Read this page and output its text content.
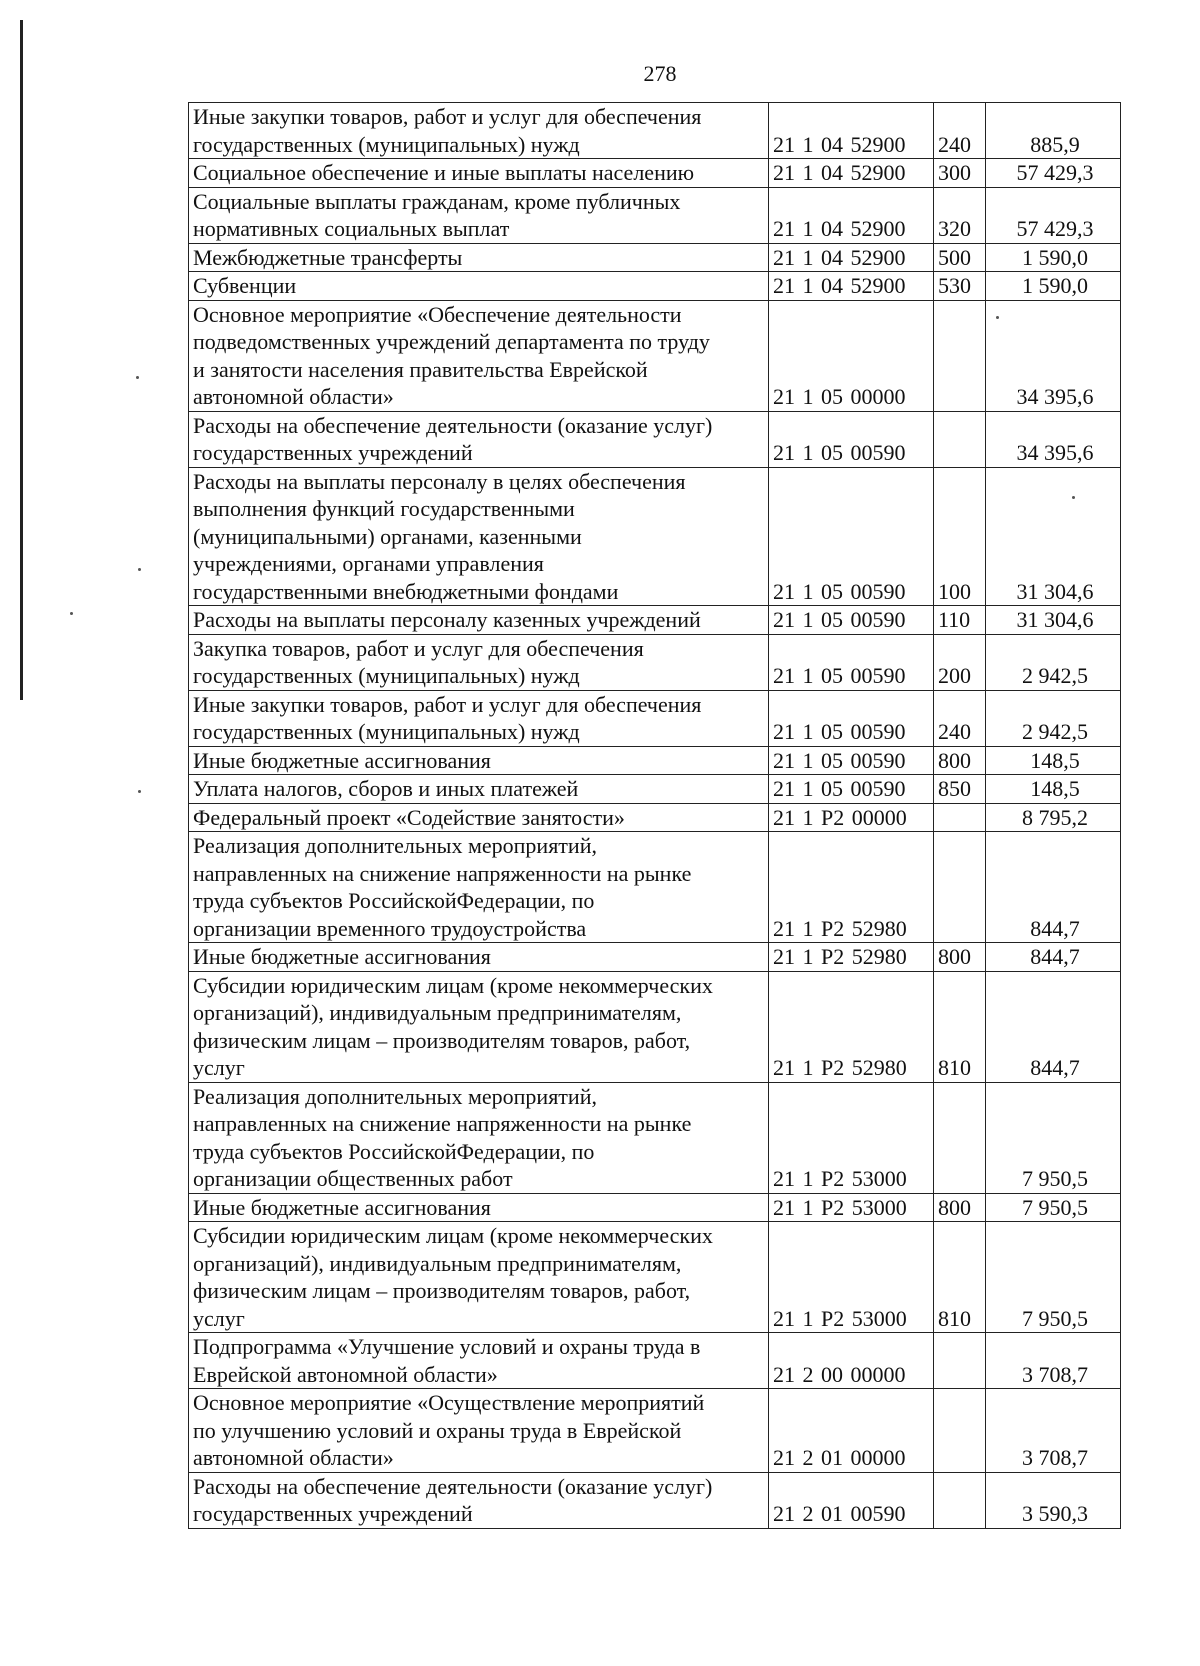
278
Иные закупки товаров, работ и услуг для обеспечения
государственных (муниципальных) нужд	21 1 04 52900	240	885,9
Социальное обеспечение и иные выплаты населению	21 1 04 52900	300	57 429,3
Социальные выплаты гражданам, кроме публичных
нормативных социальных выплат	21 1 04 52900	320	57 429,3
Межбюджетные трансферты	21 1 04 52900	500	1 590,0
Субвенции	21 1 04 52900	530	1 590,0
Основное мероприятие «Обеспечение деятельности
подведомственных учреждений департамента по труду
и занятости населения правительства Еврейской
автономной области»	21 1 05 00000		34 395,6
Расходы на обеспечение деятельности (оказание услуг)
государственных учреждений	21 1 05 00590		34 395,6
Расходы на выплаты персоналу в целях обеспечения
выполнения функций государственными
(муниципальными) органами, казенными
учреждениями, органами управления
государственными внебюджетными фондами	21 1 05 00590	100	31 304,6
Расходы на выплаты персоналу казенных учреждений	21 1 05 00590	110	31 304,6
Закупка товаров, работ и услуг для обеспечения
государственных (муниципальных) нужд	21 1 05 00590	200	2 942,5
Иные закупки товаров, работ и услуг для обеспечения
государственных (муниципальных) нужд	21 1 05 00590	240	2 942,5
Иные бюджетные ассигнования	21 1 05 00590	800	148,5
Уплата налогов, сборов и иных платежей	21 1 05 00590	850	148,5
Федеральный проект «Содействие занятости»	21 1 P2 00000		8 795,2
Реализация дополнительных мероприятий,
направленных на снижение напряженности на рынке
труда субъектов РоссийскойФедерации, по
организации временного трудоустройства	21 1 P2 52980		844,7
Иные бюджетные ассигнования	21 1 P2 52980	800	844,7
Субсидии юридическим лицам (кроме некоммерческих
организаций), индивидуальным предпринимателям,
физическим лицам – производителям товаров, работ,
услуг	21 1 P2 52980	810	844,7
Реализация дополнительных мероприятий,
направленных на снижение напряженности на рынке
труда субъектов РоссийскойФедерации, по
организации общественных работ	21 1 P2 53000		7 950,5
Иные бюджетные ассигнования	21 1 P2 53000	800	7 950,5
Субсидии юридическим лицам (кроме некоммерческих
организаций), индивидуальным предпринимателям,
физическим лицам – производителям товаров, работ,
услуг	21 1 P2 53000	810	7 950,5
Подпрограмма «Улучшение условий и охраны труда в
Еврейской автономной области»	21 2 00 00000		3 708,7
Основное мероприятие «Осуществление мероприятий
по улучшению условий и охраны труда в Еврейской
автономной области»	21 2 01 00000		3 708,7
Расходы на обеспечение деятельности (оказание услуг)
государственных учреждений	21 2 01 00590		3 590,3
